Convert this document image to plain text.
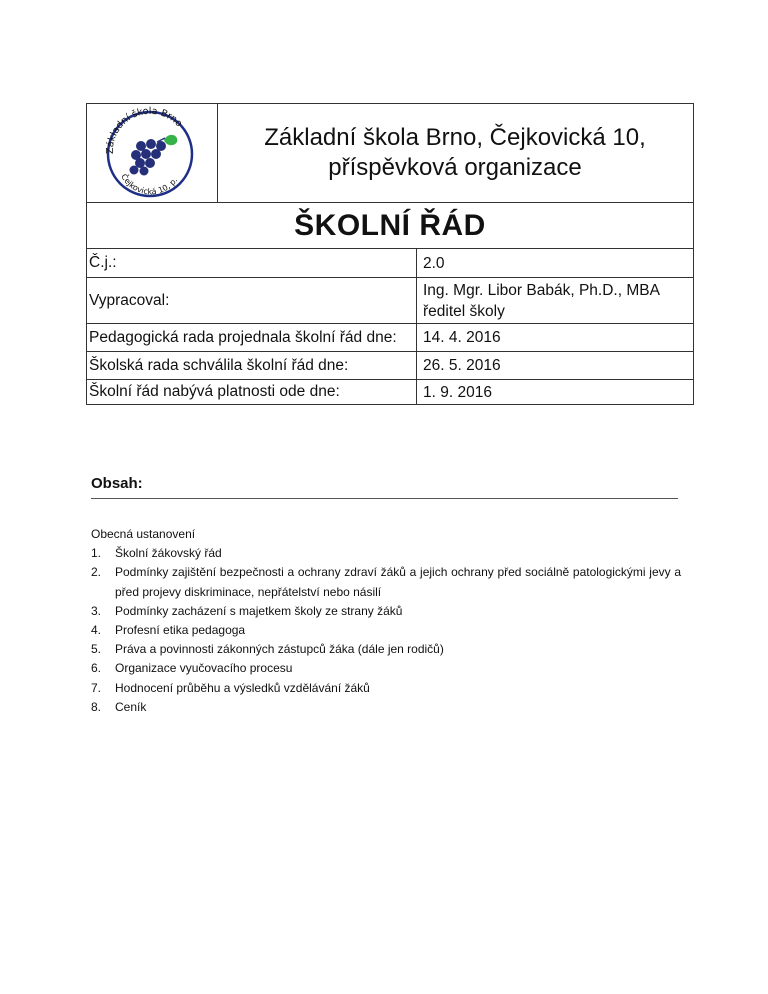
Základní škola Brno
Čejkovická 10, p.
Základní škola Brno, Čejkovická 10,
příspěvková organizace
ŠKOLNÍ ŘÁD
Č.j.:	2.0
Vypracoval:
Ing. Mgr. Libor Babák, Ph.D., MBA
ředitel školy
Pedagogická rada projednala školní řád dne:	14. 4. 2016
Školská rada schválila školní řád dne:	26. 5. 2016
Školní řád nabývá platnosti ode dne:	1. 9. 2016
Obsah:
Obecná ustanovení
1.	Školní žákovský řád
2.	Podmínky zajištění bezpečnosti a ochrany zdraví žáků a jejich ochrany před sociálně patologickými jevy a před projevy diskriminace, nepřátelství nebo násilí
3.	Podmínky zacházení s majetkem školy ze strany žáků
4.	Profesní etika pedagoga
5.	Práva a povinnosti zákonných zástupců žáka (dále jen rodičů)
6.	Organizace vyučovacího procesu
7.	Hodnocení průběhu a výsledků vzdělávání žáků
8.	Ceník
